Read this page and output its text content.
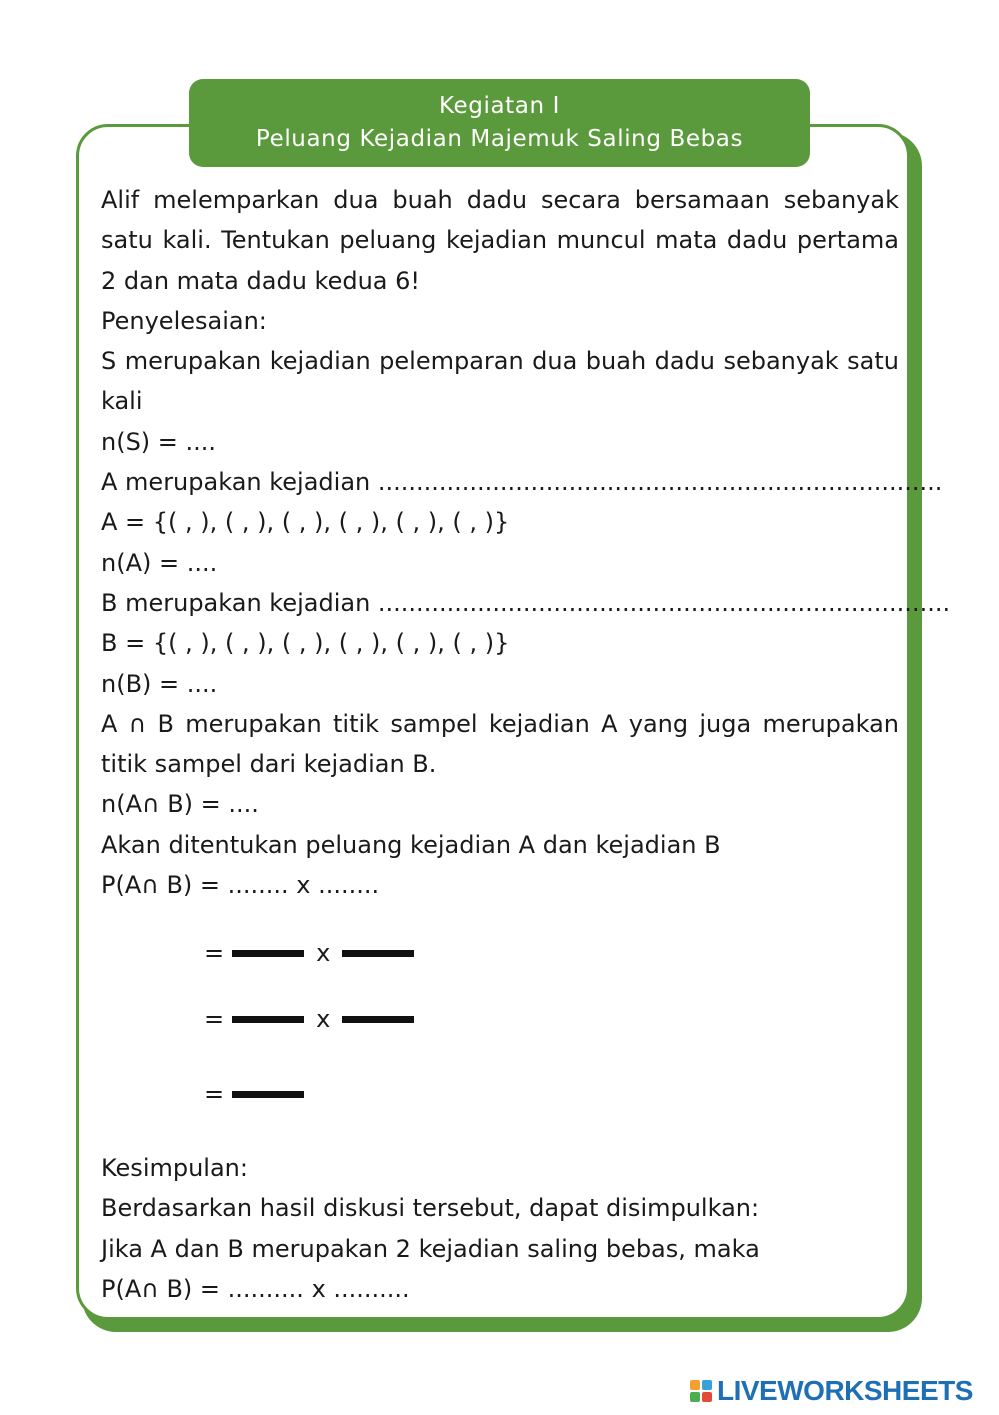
Kegiatan I
Peluang Kejadian Majemuk Saling Bebas
Alif melemparkan dua buah dadu secara bersamaan sebanyak satu kali. Tentukan peluang kejadian muncul mata dadu pertama 2 dan mata dadu kedua 6!
Penyelesaian:
S merupakan kejadian pelemparan dua buah dadu sebanyak satu kali
n(S) = ....
A merupakan kejadian ..........................................................................
A = {( , ), ( , ), ( , ), ( , ), ( , ), ( , )}
n(A) = ....
B merupakan kejadian ...........................................................................
B = {( , ), ( , ), ( , ), ( , ), ( , ), ( , )}
n(B) = ....
A ∩ B merupakan titik sampel kejadian A yang juga merupakan titik sampel dari kejadian B.
n(A∩ B) = ....
Akan ditentukan peluang kejadian A dan kejadian B
P(A∩ B) = ........ x ........
=	x
=	x
=
Kesimpulan:
Berdasarkan hasil diskusi tersebut, dapat disimpulkan:
Jika A dan B merupakan 2 kejadian saling bebas, maka
P(A∩ B) = .......... x ..........
LIVEWORKSHEETS
